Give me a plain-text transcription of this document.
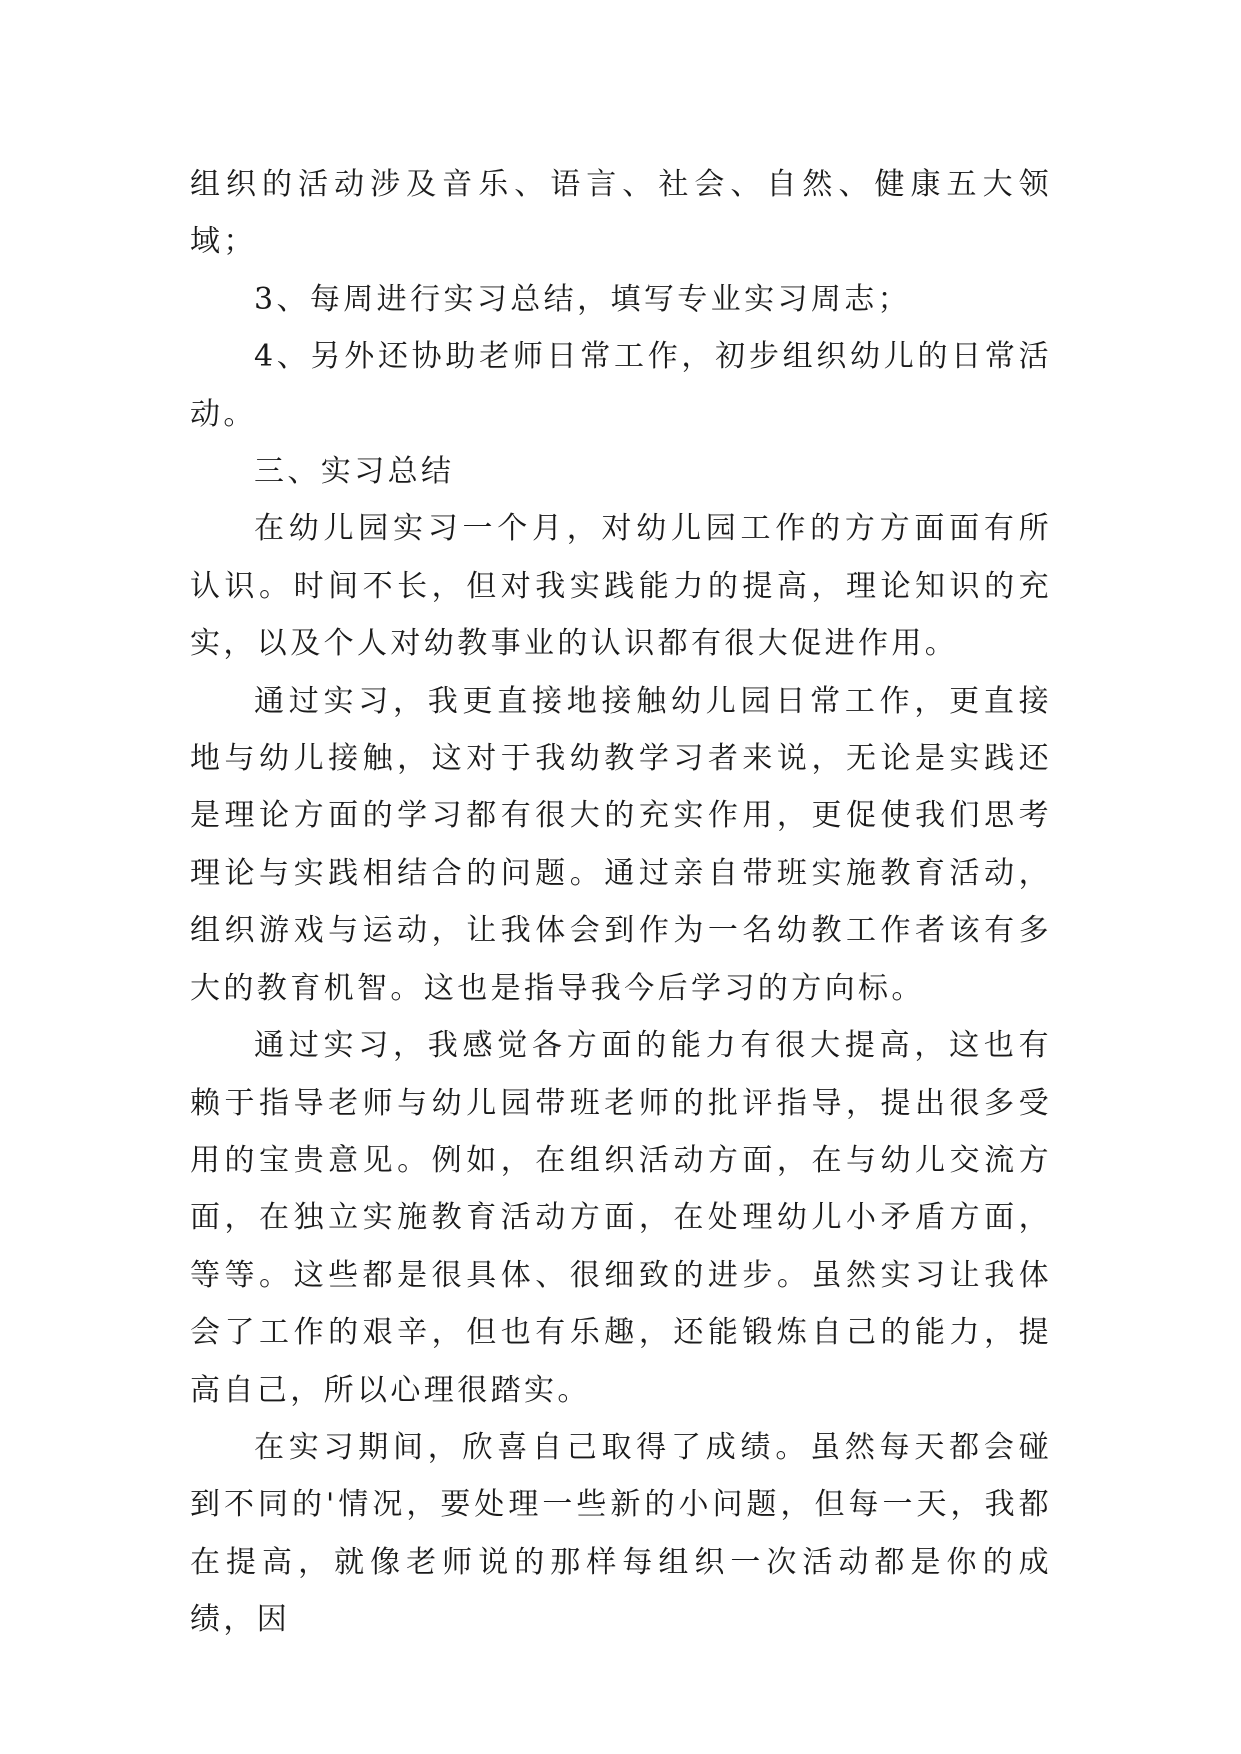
组织的活动涉及音乐、语言、社会、自然、健康五大领域；

3、每周进行实习总结，填写专业实习周志；

4、另外还协助老师日常工作，初步组织幼儿的日常活动。

三、实习总结

在幼儿园实习一个月，对幼儿园工作的方方面面有所认识。时间不长，但对我实践能力的提高，理论知识的充实，以及个人对幼教事业的认识都有很大促进作用。

通过实习，我更直接地接触幼儿园日常工作，更直接地与幼儿接触，这对于我幼教学习者来说，无论是实践还是理论方面的学习都有很大的充实作用，更促使我们思考理论与实践相结合的问题。通过亲自带班实施教育活动，组织游戏与运动，让我体会到作为一名幼教工作者该有多大的教育机智。这也是指导我今后学习的方向标。

通过实习，我感觉各方面的能力有很大提高，这也有赖于指导老师与幼儿园带班老师的批评指导，提出很多受用的宝贵意见。例如，在组织活动方面，在与幼儿交流方面，在独立实施教育活动方面，在处理幼儿小矛盾方面，等等。这些都是很具体、很细致的进步。虽然实习让我体会了工作的艰辛，但也有乐趣，还能锻炼自己的能力，提高自己，所以心理很踏实。

在实习期间，欣喜自己取得了成绩。虽然每天都会碰到不同的'情况，要处理一些新的小问题，但每一天，我都在提高，就像老师说的那样每组织一次活动都是你的成绩，因
